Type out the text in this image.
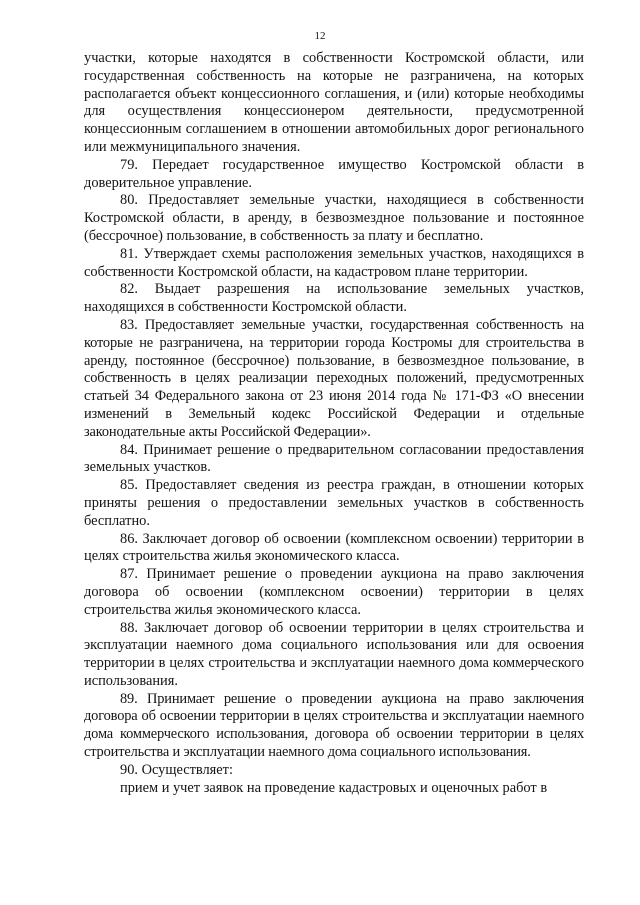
12

участки, которые находятся в собственности Костромской области, или государственная собственность на которые не разграничена, на которых располагается объект концессионного соглашения, и (или) которые необходимы для осуществления концессионером деятельности, предусмотренной концессионным соглашением в отношении автомобильных дорог регионального или межмуниципального значения.

79. Передает государственное имущество Костромской области в доверительное управление.

80. Предоставляет земельные участки, находящиеся в собственности Костромской области, в аренду, в безвозмездное пользование и постоянное (бессрочное) пользование, в собственность за плату и бесплатно.

81. Утверждает схемы расположения земельных участков, находящихся в собственности Костромской области, на кадастровом плане территории.

82. Выдает разрешения на использование земельных участков, находящихся в собственности Костромской области.

83. Предоставляет земельные участки, государственная собственность на которые не разграничена, на территории города Костромы для строительства в аренду, постоянное (бессрочное) пользование, в безвозмездное пользование, в собственность в целях реализации переходных положений, предусмотренных статьей 34 Федерального закона от 23 июня 2014 года № 171-ФЗ «О внесении изменений в Земельный кодекс Российской Федерации и отдельные законодательные акты Российской Федерации».

84. Принимает решение о предварительном согласовании предоставления земельных участков.

85. Предоставляет сведения из реестра граждан, в отношении которых приняты решения о предоставлении земельных участков в собственность бесплатно.

86. Заключает договор об освоении (комплексном освоении) территории в целях строительства жилья экономического класса.

87. Принимает решение о проведении аукциона на право заключения договора об освоении (комплексном освоении) территории в целях строительства жилья экономического класса.

88. Заключает договор об освоении территории в целях строительства и эксплуатации наемного дома социального использования или для освоения территории в целях строительства и эксплуатации наемного дома коммерческого использования.

89. Принимает решение о проведении аукциона на право заключения договора об освоении территории в целях строительства и эксплуатации наемного дома коммерческого использования, договора об освоении территории в целях строительства и эксплуатации наемного дома социального использования.

90. Осуществляет:

прием и учет заявок на проведение кадастровых и оценочных работ в
